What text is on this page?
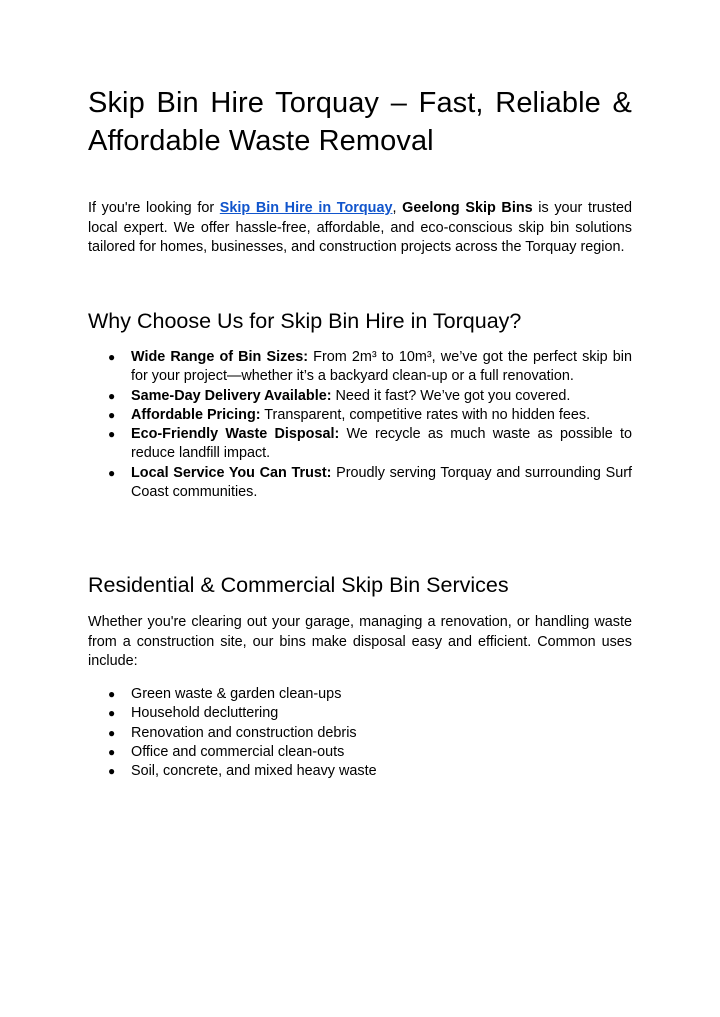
Skip Bin Hire Torquay – Fast, Reliable & Affordable Waste Removal

If you're looking for Skip Bin Hire in Torquay, Geelong Skip Bins is your trusted local expert. We offer hassle-free, affordable, and eco-conscious skip bin solutions tailored for homes, businesses, and construction projects across the Torquay region.

Why Choose Us for Skip Bin Hire in Torquay?
● Wide Range of Bin Sizes: From 2m³ to 10m³, we’ve got the perfect skip bin for your project—whether it’s a backyard clean-up or a full renovation.
● Same-Day Delivery Available: Need it fast? We’ve got you covered.
● Affordable Pricing: Transparent, competitive rates with no hidden fees.
● Eco-Friendly Waste Disposal: We recycle as much waste as possible to reduce landfill impact.
● Local Service You Can Trust: Proudly serving Torquay and surrounding Surf Coast communities.
Residential & Commercial Skip Bin Services

Whether you're clearing out your garage, managing a renovation, or handling waste from a construction site, our bins make disposal easy and efficient. Common uses include:

● Green waste & garden clean-ups
● Household decluttering
● Renovation and construction debris
● Office and commercial clean-outs
● Soil, concrete, and mixed heavy waste
